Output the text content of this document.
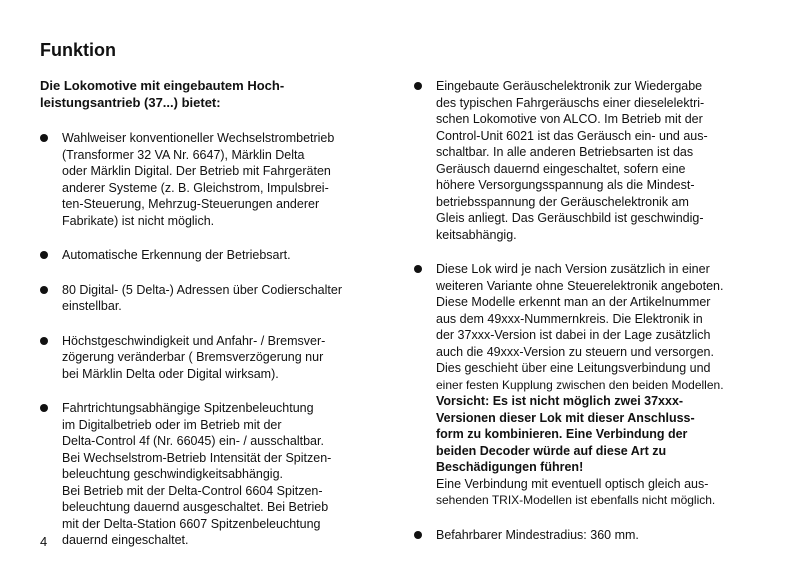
Funktion
Die Lokomotive mit eingebautem Hoch-
leistungsantrieb (37...) bietet:
Wahlweiser konventioneller Wechselstrombetrieb
(Transformer 32 VA Nr. 6647), Märklin Delta
oder Märklin Digital. Der Betrieb mit Fahrgeräten
anderer Systeme (z. B. Gleichstrom, Impulsbrei-
ten-Steuerung, Mehrzug-Steuerungen anderer
Fabrikate) ist nicht möglich.
Automatische Erkennung der Betriebsart.
80 Digital- (5 Delta-) Adressen über Codierschalter
einstellbar.
Höchstgeschwindigkeit und Anfahr- / Bremsver-
zögerung veränderbar ( Bremsverzögerung nur
bei Märklin Delta oder Digital wirksam).
Fahrtrichtungsabhängige Spitzenbeleuchtung
im Digitalbetrieb oder im Betrieb mit der
Delta-Control 4f (Nr. 66045) ein- / ausschaltbar.
Bei Wechselstrom-Betrieb Intensität der Spitzen-
beleuchtung geschwindigkeitsabhängig.
Bei Betrieb mit der Delta-Control 6604 Spitzen-
beleuchtung dauernd ausgeschaltet. Bei Betrieb
mit der Delta-Station 6607 Spitzenbeleuchtung
dauernd eingeschaltet.
Eingebaute Geräuschelektronik zur Wiedergabe
des typischen Fahrgeräuschs einer dieselelektri-
schen Lokomotive von ALCO. Im Betrieb mit der
Control-Unit 6021 ist das Geräusch ein- und aus-
schaltbar. In alle anderen Betriebsarten ist das
Geräusch dauernd eingeschaltet, sofern eine
höhere Versorgungsspannung als die Mindest-
betriebsspannung der Geräuschelektronik am
Gleis anliegt. Das Geräuschbild ist geschwindig-
keitsabhängig.
Diese Lok wird je nach Version zusätzlich in einer
weiteren Variante ohne Steuerelektronik angeboten.
Diese Modelle erkennt man an der Artikelnummer
aus dem 49xxx-Nummernkreis. Die Elektronik in
der 37xxx-Version ist dabei in der Lage zusätzlich
auch die 49xxx-Version zu steuern und versorgen.
Dies geschieht über eine Leitungsverbindung und
einer festen Kupplung zwischen den beiden Modellen.
Vorsicht: Es ist nicht möglich zwei 37xxx-
Versionen dieser Lok mit dieser Anschluss-
form zu kombinieren. Eine Verbindung der
beiden Decoder würde auf diese Art zu
Beschädigungen führen!
Eine Verbindung mit eventuell optisch gleich aus-
sehenden TRIX-Modellen ist ebenfalls nicht möglich.
Befahrbarer Mindestradius: 360 mm.
4
